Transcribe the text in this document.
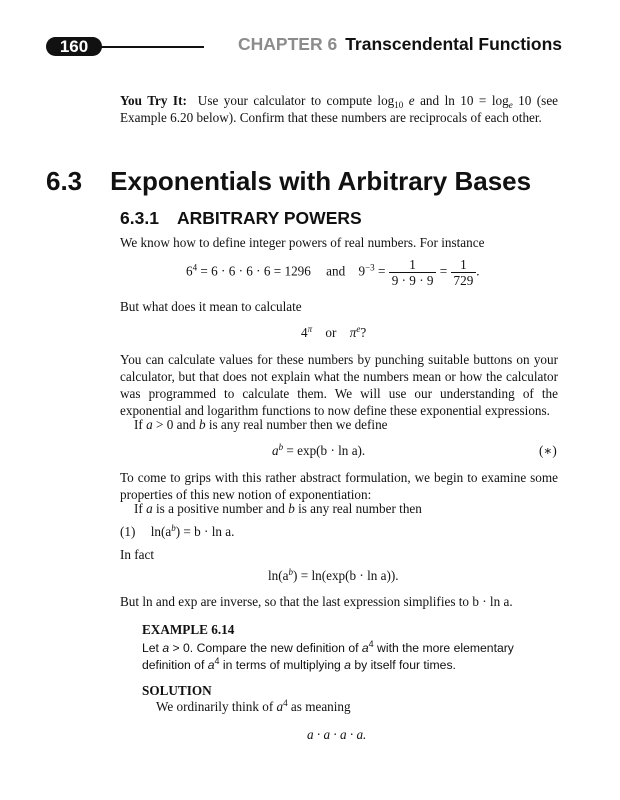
160	CHAPTER 6 Transcendental Functions
You Try It: Use your calculator to compute $\log_{10} e$ and $\ln 10 = \log_e 10$ (see Example 6.20 below). Confirm that these numbers are reciprocals of each other.
6.3 Exponentials with Arbitrary Bases
6.3.1 ARBITRARY POWERS
We know how to define integer powers of real numbers. For instance
$6^4 = 6 \cdot 6 \cdot 6 \cdot 6 = 1296$ and $9^{-3} = \frac{1}{9 \cdot 9 \cdot 9} = \frac{1}{729}$ .
But what does it mean to calculate
$4^\pi$ or $\pi^e$?
You can calculate values for these numbers by punching suitable buttons on your calculator, but that does not explain what the numbers mean or how the calculator was programmed to calculate them. We will use our understanding of the exponential and logarithm functions to now define these exponential expressions.
If a > 0 and b is any real number then we define
$a^b = \exp(b \cdot \ln a)$.	(∗)
To come to grips with this rather abstract formulation, we begin to examine some properties of this new notion of exponentiation:
If a is a positive number and b is any real number then
(1) $\ln(a^b) = b \cdot \ln a$.
In fact
$\ln(a^b) = \ln(\exp(b \cdot \ln a))$.
But ln and exp are inverse, so that the last expression simplifies to b · ln a.
EXAMPLE 6.14
Let a > 0. Compare the new definition of $a^4$ with the more elementary definition of $a^4$ in terms of multiplying a by itself four times.
SOLUTION
We ordinarily think of $a^4$ as meaning
a · a · a · a.
